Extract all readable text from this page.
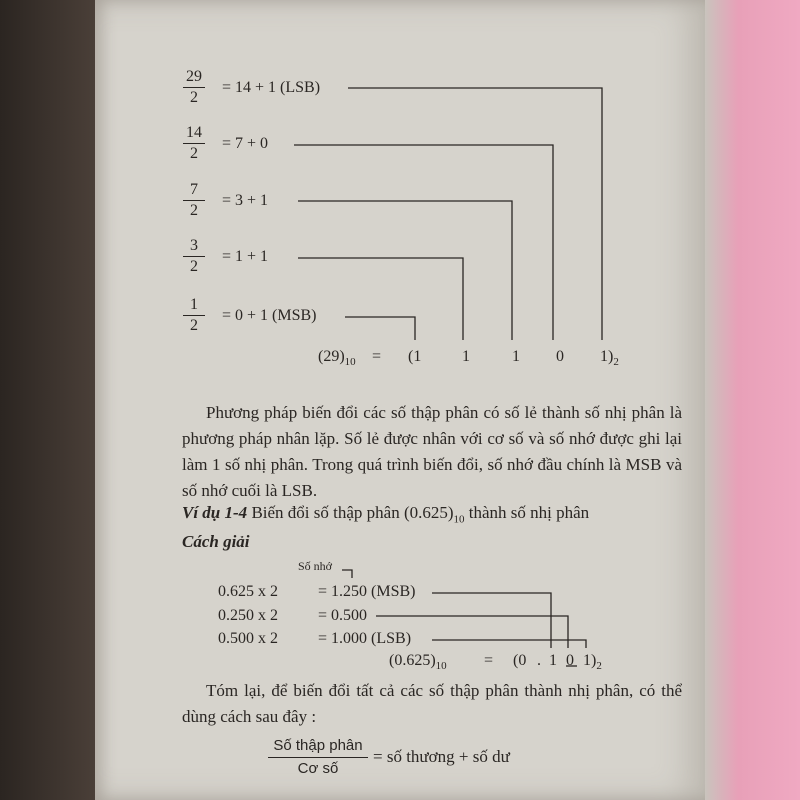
$\frac{29}{2} = 14 + 1$ (LSB)
$\frac{14}{2} = 7 + 0$
$\frac{7}{2} = 3 + 1$
$\frac{3}{2} = 1 + 1$
$\frac{1}{2} = 0 + 1$ (MSB)
$(29)_{10} = (1$	1	1 0 $1)_2$
Phương pháp biến đổi các số thập phân có số lẻ thành số nhị phân là phương pháp nhân lặp. Số lẻ được nhân với cơ số và số nhớ được ghi lại làm 1 số nhị phân. Trong quá trình biến đổi, số nhớ đầu chính là MSB và số nhớ cuối là LSB.
Ví dụ 1-4 Biến đổi số thập phân $(0.625)_{10}$ thành số nhị phân
Cách giải
Số nhớ
0.625 x 2	= 1.250 (MSB)
0.250 x 2	= 0.500
0.500 x 2	= 1.000 (LSB)
$(0.625)_{10} = (0$ . 1 0 $1)_2$
Tóm lại, để biến đổi tất cả các số thập phân thành nhị phân, có thể dùng cách sau đây :
Số thập phân
Cơ số
= số thương + số dư
